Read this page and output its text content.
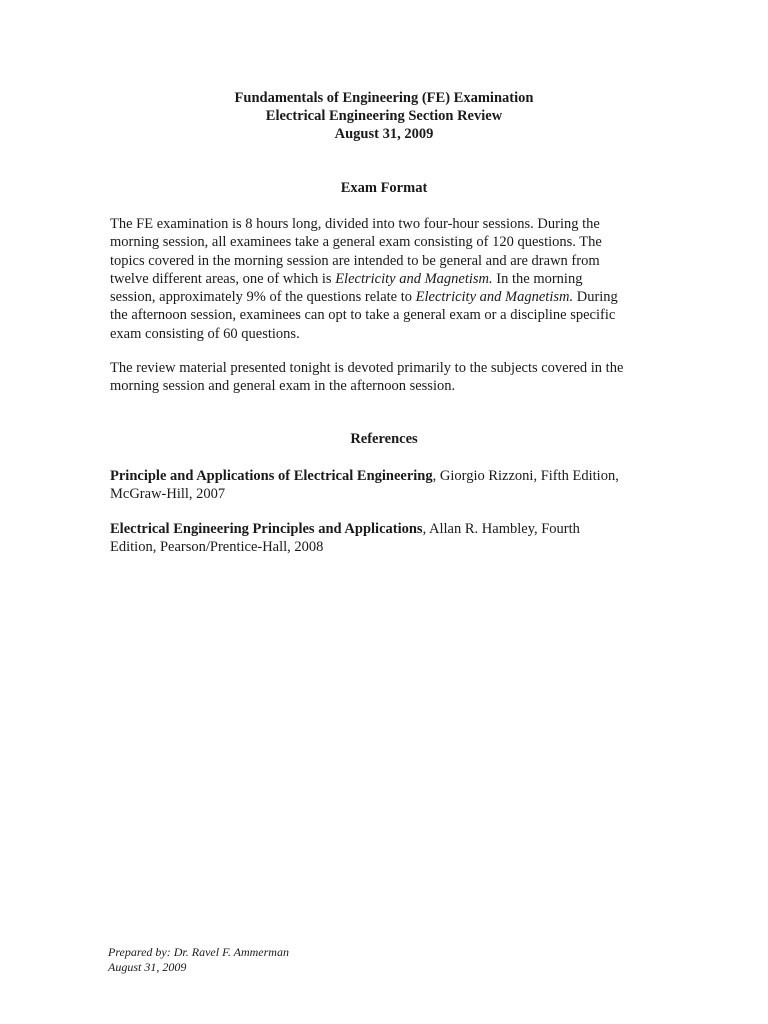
Fundamentals of Engineering (FE) Examination
Electrical Engineering Section Review
August 31, 2009
Exam Format
The FE examination is 8 hours long, divided into two four-hour sessions. During the
morning session, all examinees take a general exam consisting of 120 questions. The
topics covered in the morning session are intended to be general and are drawn from
twelve different areas, one of which is Electricity and Magnetism. In the morning
session, approximately 9% of the questions relate to Electricity and Magnetism. During
the afternoon session, examinees can opt to take a general exam or a discipline specific
exam consisting of 60 questions.
The review material presented tonight is devoted primarily to the subjects covered in the
morning session and general exam in the afternoon session.
References
Principle and Applications of Electrical Engineering, Giorgio Rizzoni, Fifth Edition,
McGraw-Hill, 2007
Electrical Engineering Principles and Applications, Allan R. Hambley, Fourth
Edition, Pearson/Prentice-Hall, 2008
Prepared by: Dr. Ravel F. Ammerman
August 31, 2009
